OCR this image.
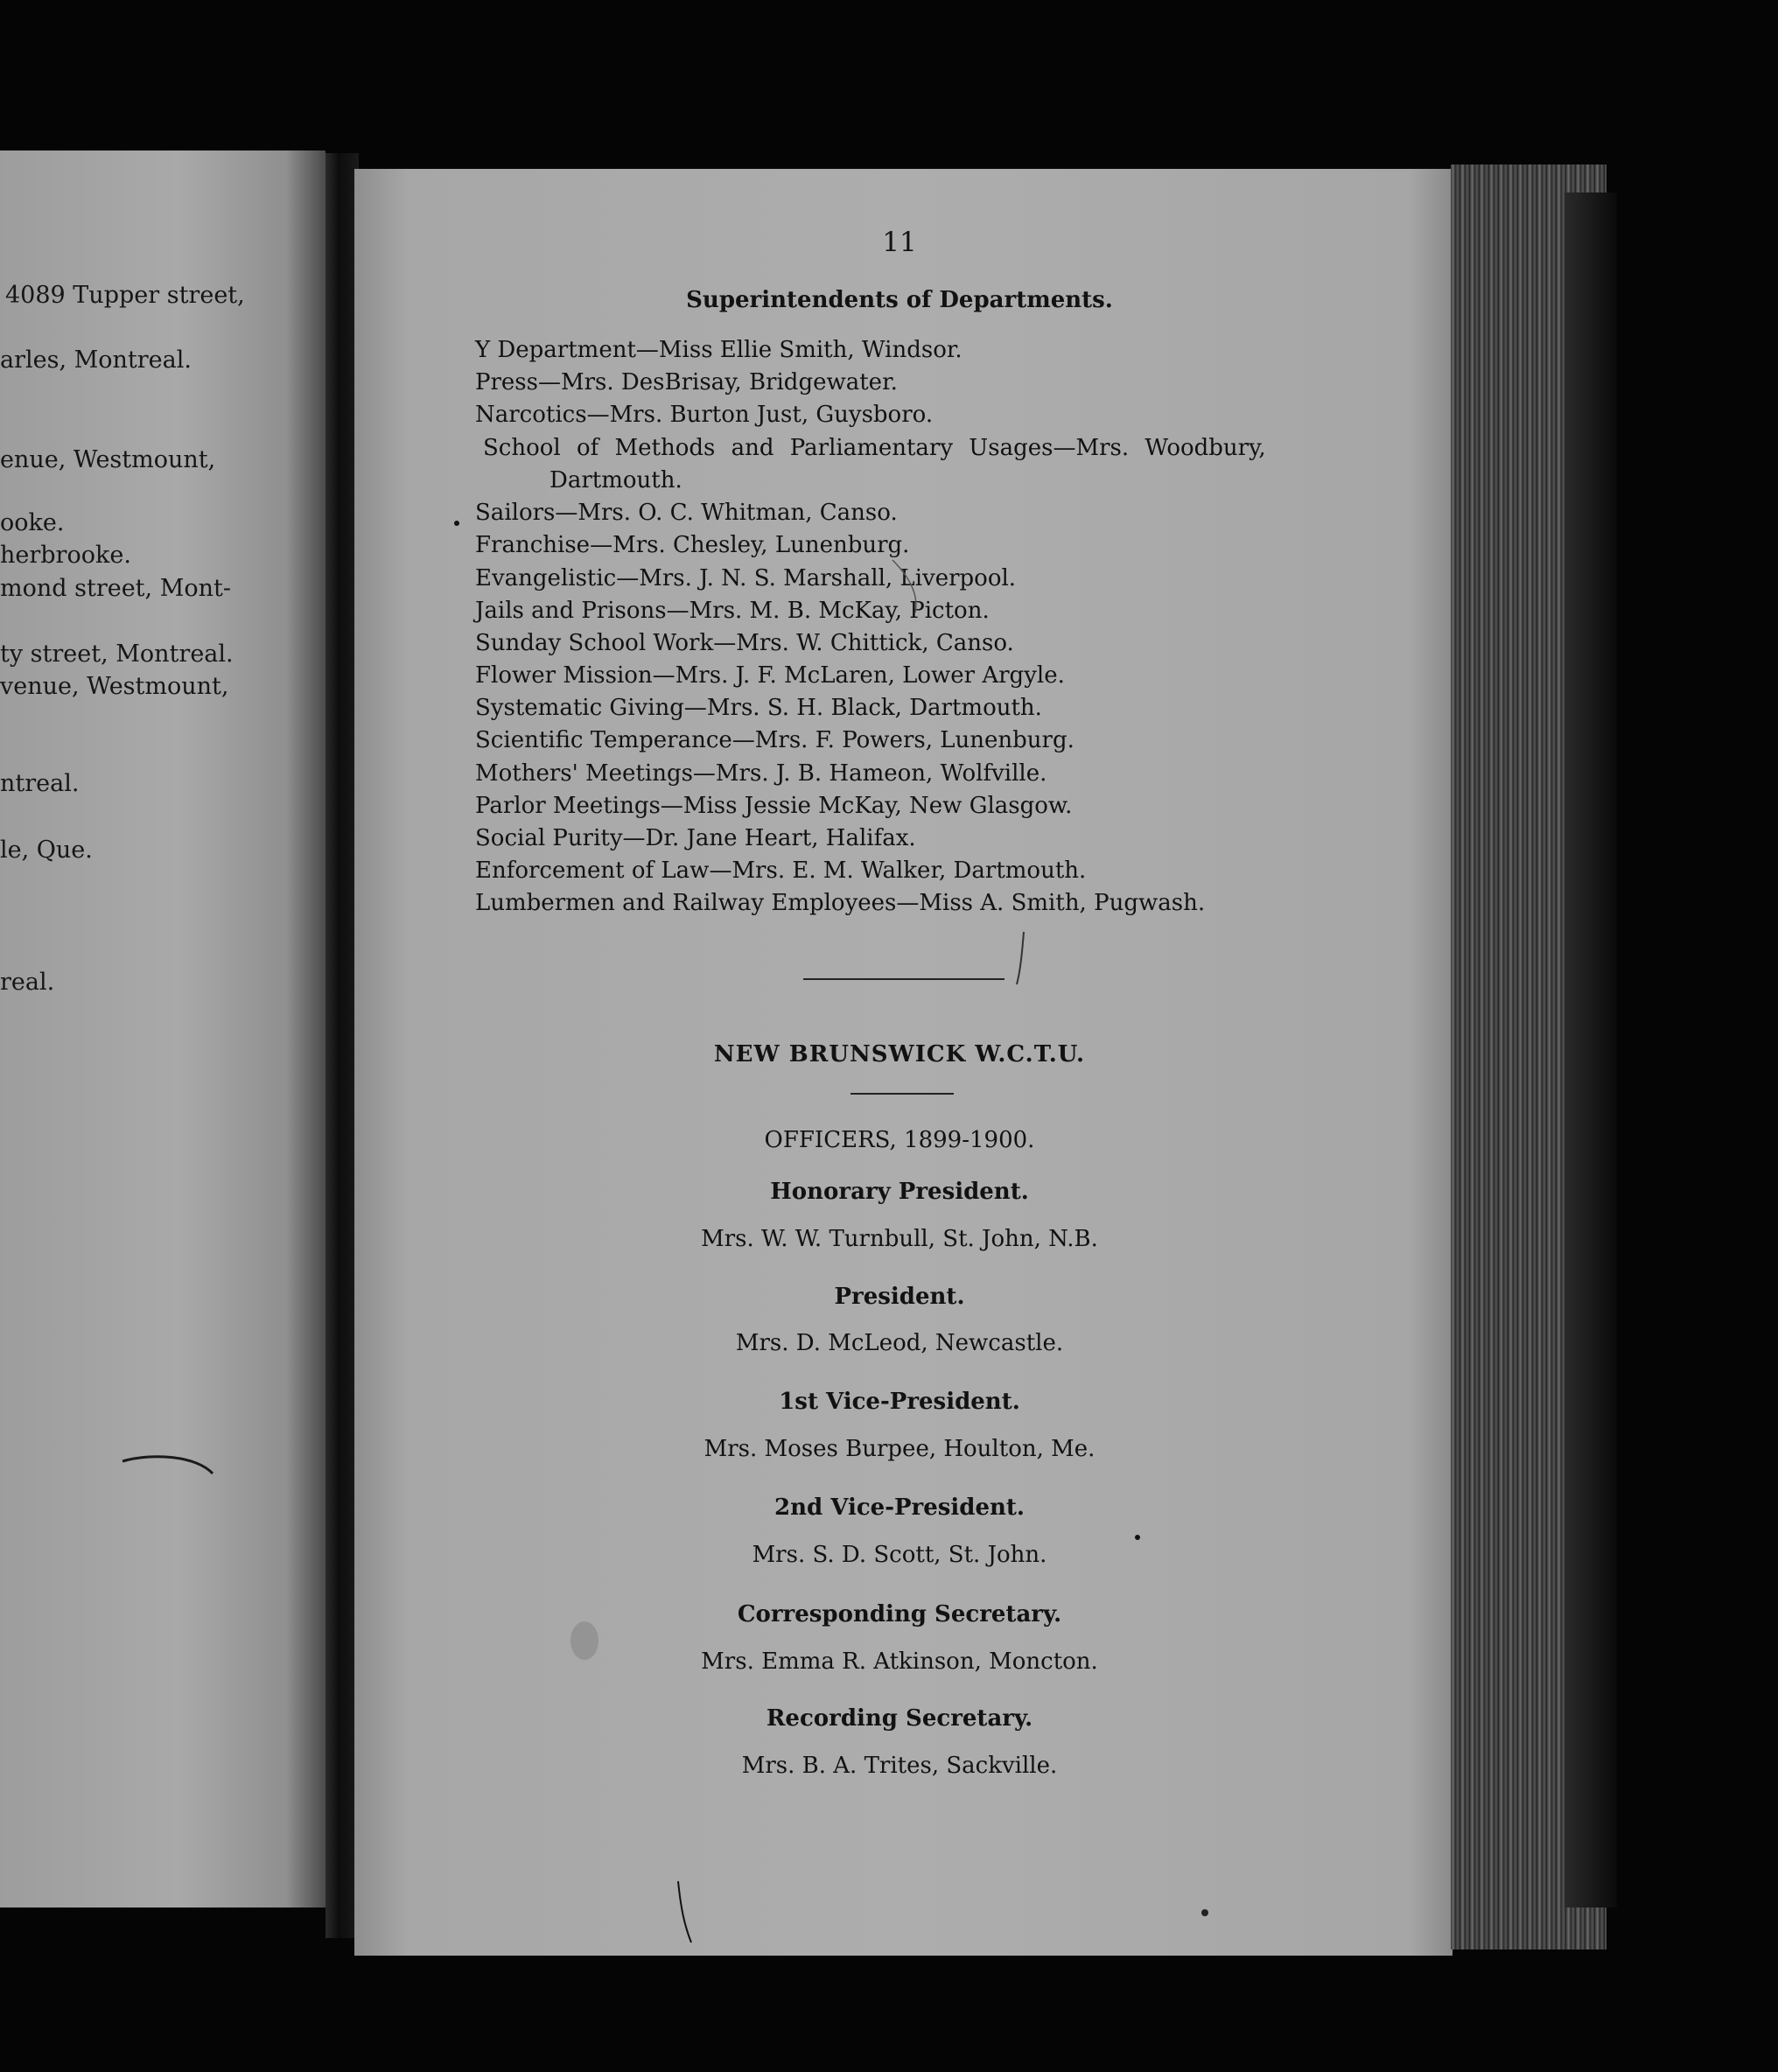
4089 Tupper street,
arles, Montreal.
enue, Westmount,
ooke.
herbrooke.
mond street, Mont-
ty street, Montreal.
venue, Westmount,
ntreal.
le, Que.
real.
11
Superintendents of Departments.
Y Department—Miss Ellie Smith, Windsor.
Press—Mrs. DesBrisay, Bridgewater.
Narcotics—Mrs. Burton Just, Guysboro.
School of Methods and Parliamentary Usages—Mrs. Woodbury,
Dartmouth.
Sailors—Mrs. O. C. Whitman, Canso.
Franchise—Mrs. Chesley, Lunenburg.
Evangelistic—Mrs. J. N. S. Marshall, Liverpool.
Jails and Prisons—Mrs. M. B. McKay, Picton.
Sunday School Work—Mrs. W. Chittick, Canso.
Flower Mission—Mrs. J. F. McLaren, Lower Argyle.
Systematic Giving—Mrs. S. H. Black, Dartmouth.
Scientific Temperance—Mrs. F. Powers, Lunenburg.
Mothers' Meetings—Mrs. J. B. Hameon, Wolfville.
Parlor Meetings—Miss Jessie McKay, New Glasgow.
Social Purity—Dr. Jane Heart, Halifax.
Enforcement of Law—Mrs. E. M. Walker, Dartmouth.
Lumbermen and Railway Employees—Miss A. Smith, Pugwash.
NEW BRUNSWICK W.C.T.U.
OFFICERS, 1899-1900.
Honorary President.
Mrs. W. W. Turnbull, St. John, N.B.
President.
Mrs. D. McLeod, Newcastle.
1st Vice-President.
Mrs. Moses Burpee, Houlton, Me.
2nd Vice-President.
Mrs. S. D. Scott, St. John.
Corresponding Secretary.
Mrs. Emma R. Atkinson, Moncton.
Recording Secretary.
Mrs. B. A. Trites, Sackville.
